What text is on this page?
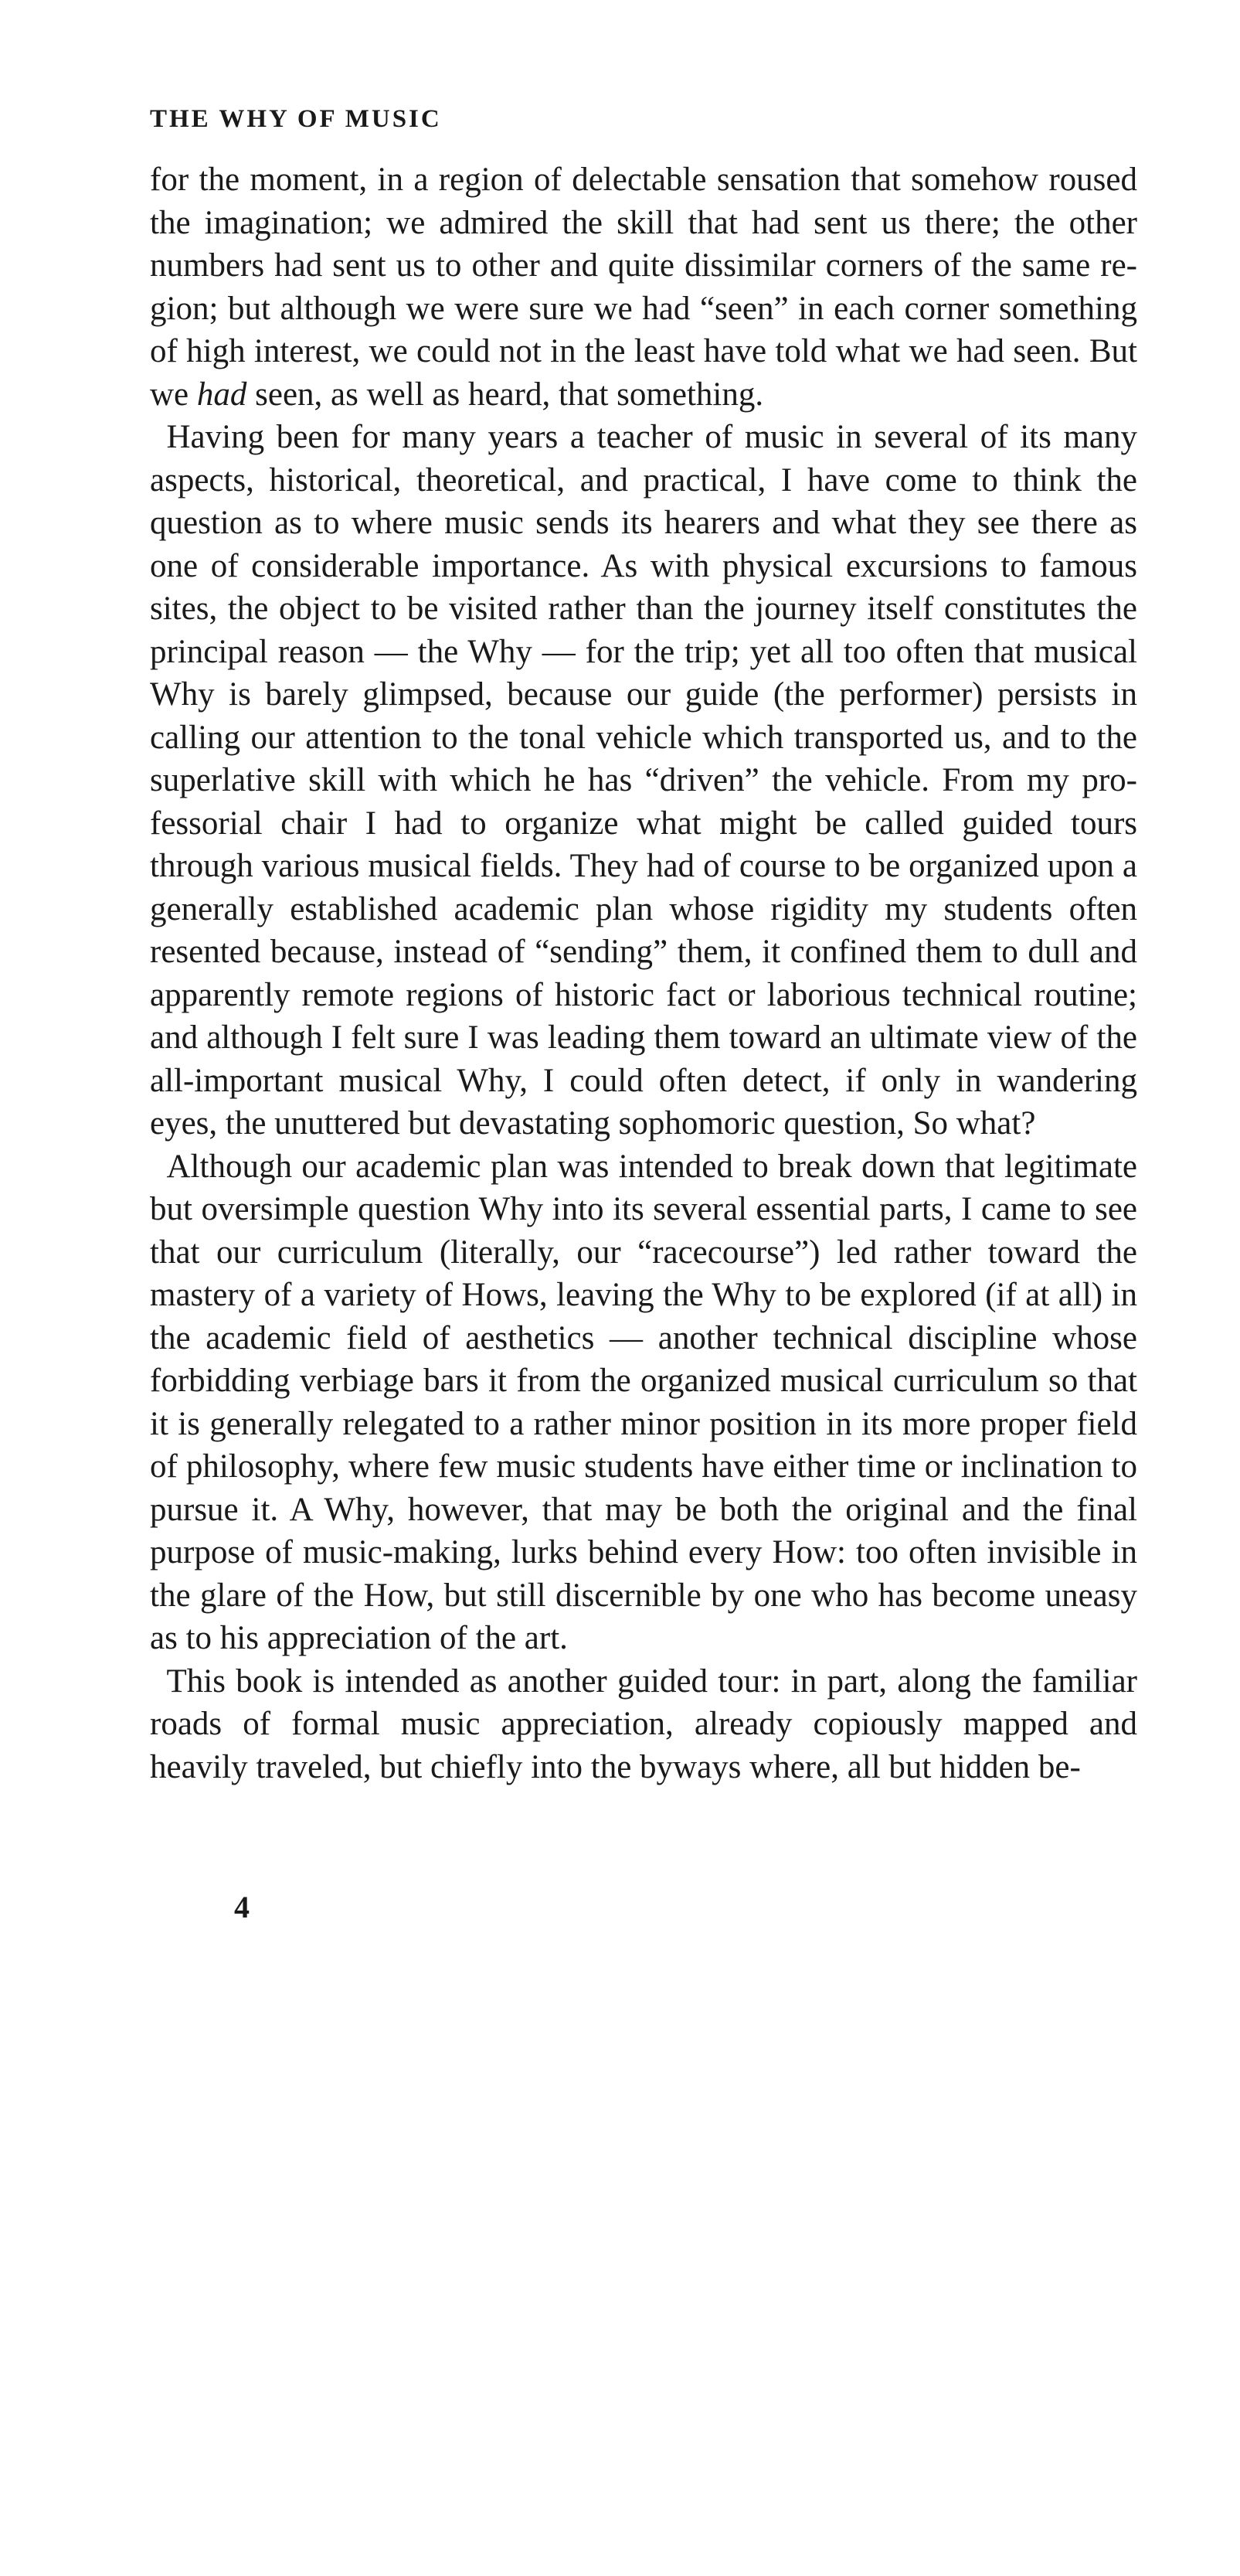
THE WHY OF MUSIC

for the moment, in a region of delectable sensation that somehow roused the imagination; we admired the skill that had sent us there; the other numbers had sent us to other and quite dissimilar corners of the same region; but although we were sure we had “seen” in each corner something of high interest, we could not in the least have told what we had seen. But we had seen, as well as heard, that something.

Having been for many years a teacher of music in several of its many aspects, historical, theoretical, and practical, I have come to think the question as to where music sends its hearers and what they see there as one of considerable importance. As with physical excursions to famous sites, the object to be visited rather than the journey itself constitutes the principal reason — the Why — for the trip; yet all too often that musical Why is barely glimpsed, because our guide (the performer) persists in calling our attention to the tonal vehicle which transported us, and to the superlative skill with which he has “driven” the vehicle. From my professorial chair I had to organize what might be called guided tours through various musical fields. They had of course to be organized upon a generally established academic plan whose rigidity my students often resented because, instead of “sending” them, it confined them to dull and apparently remote regions of historic fact or laborious technical routine; and although I felt sure I was leading them toward an ultimate view of the all-important musical Why, I could often detect, if only in wandering eyes, the unuttered but devastating sophomoric question, So what?

Although our academic plan was intended to break down that legitimate but oversimple question Why into its several essential parts, I came to see that our curriculum (literally, our “racecourse”) led rather toward the mastery of a variety of Hows, leaving the Why to be explored (if at all) in the academic field of aesthetics — another technical discipline whose forbidding verbiage bars it from the organized musical curriculum so that it is generally relegated to a rather minor position in its more proper field of philosophy, where few music students have either time or inclination to pursue it. A Why, however, that may be both the original and the final purpose of music-making, lurks behind every How: too often invisible in the glare of the How, but still discernible by one who has become uneasy as to his appreciation of the art.

This book is intended as another guided tour: in part, along the familiar roads of formal music appreciation, already copiously mapped and heavily traveled, but chiefly into the byways where, all but hidden be-

4
